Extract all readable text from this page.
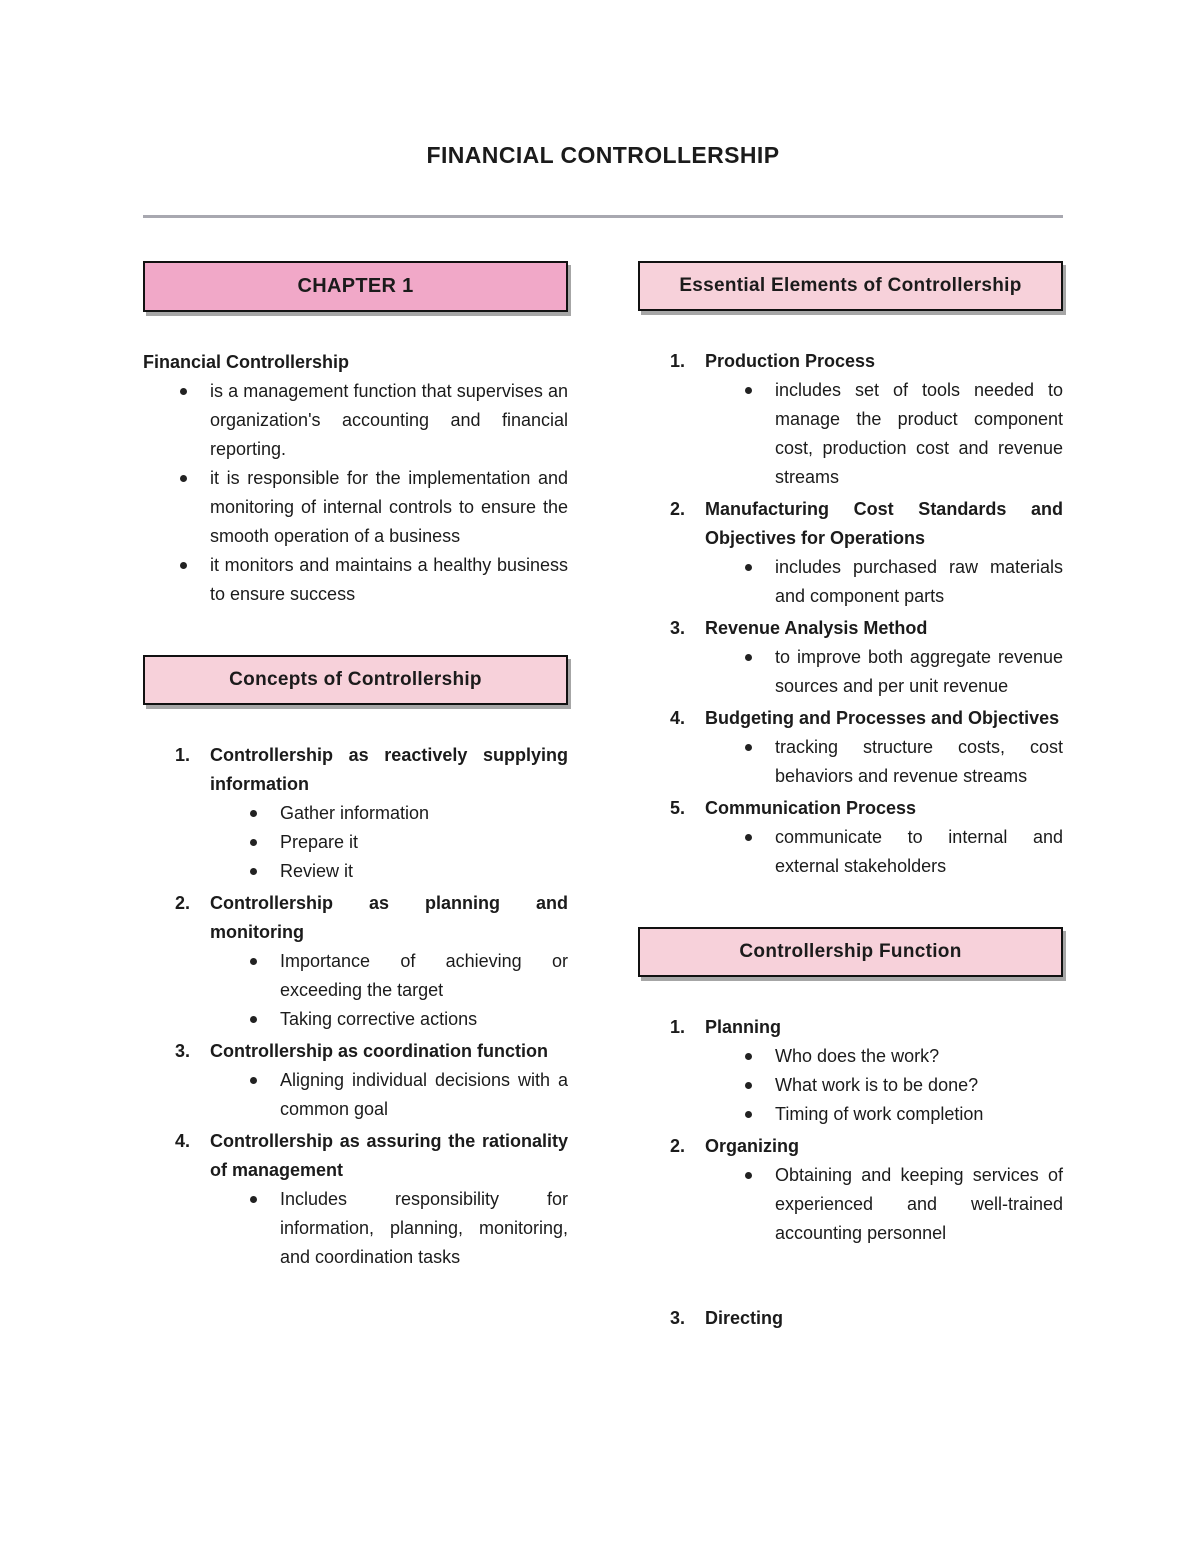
FINANCIAL CONTROLLERSHIP
CHAPTER 1
Financial Controllership
is a management function that supervises an organization's accounting and financial reporting.
it is responsible for the implementation and monitoring of internal controls to ensure the smooth operation of a business
it monitors and maintains a healthy business to ensure success
Concepts of Controllership
1.	Controllership as reactively supplying information
Gather information
Prepare it
Review it
2.	Controllership as planning and monitoring
Importance of achieving or exceeding the target
Taking corrective actions
3.	Controllership as coordination function
Aligning individual decisions with a common goal
4.	Controllership as assuring the rationality of management
Includes responsibility for information, planning, monitoring, and coordination tasks
Essential Elements of Controllership
1.	Production Process
includes set of tools needed to manage the product component cost, production cost and revenue streams
2.	Manufacturing Cost Standards and Objectives for Operations
includes purchased raw materials and component parts
3.	Revenue Analysis Method
to improve both aggregate revenue sources and per unit revenue
4.	Budgeting and Processes and Objectives
tracking structure costs, cost behaviors and revenue streams
5.	Communication Process
communicate to internal and external stakeholders
Controllership Function
1.	Planning
Who does the work?
What work is to be done?
Timing of work completion
2.	Organizing
Obtaining and keeping services of experienced and well-trained accounting personnel
3.	Directing
